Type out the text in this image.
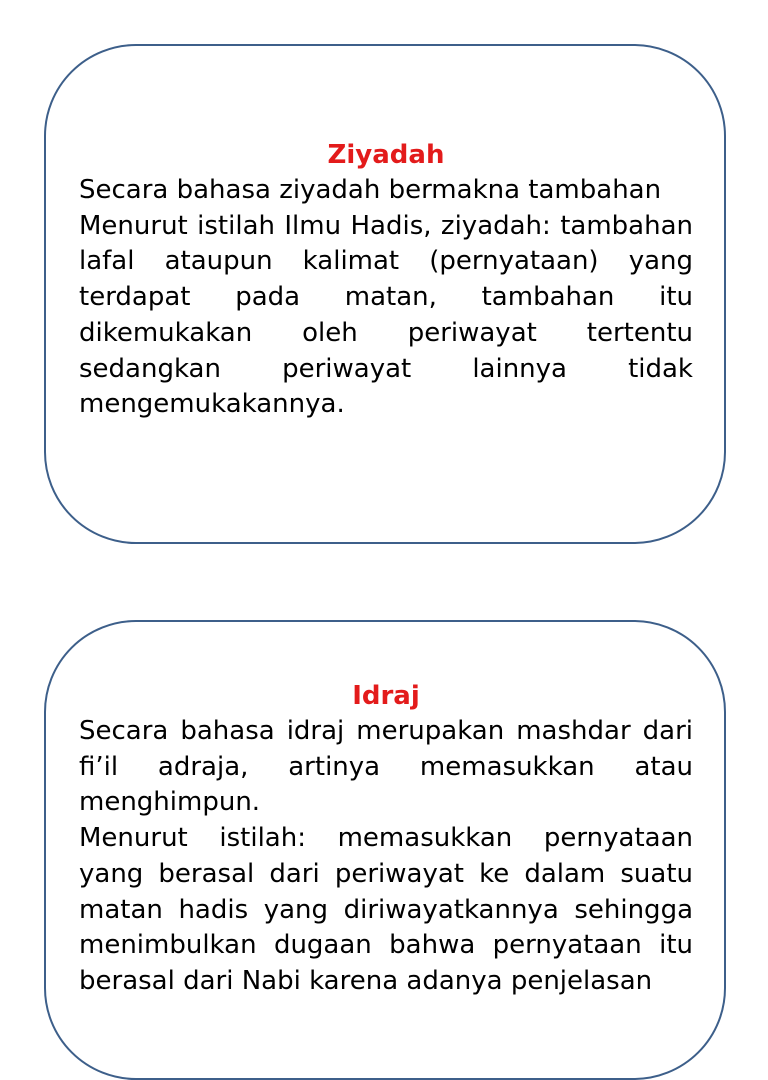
Ziyadah

Secara bahasa ziyadah bermakna tambahan

Menurut istilah Ilmu Hadis, ziyadah: tambahan lafal ataupun kalimat (pernyataan) yang terdapat pada matan, tambahan itu dikemukakan oleh periwayat tertentu sedangkan periwayat lainnya tidak mengemukakannya.

Idraj

Secara bahasa idraj merupakan mashdar dari fi’il adraja, artinya memasukkan atau menghimpun.

Menurut istilah: memasukkan pernyataan yang berasal dari periwayat ke dalam suatu matan hadis yang diriwayatkannya sehingga menimbulkan dugaan bahwa pernyataan itu berasal dari Nabi karena adanya penjelasan
